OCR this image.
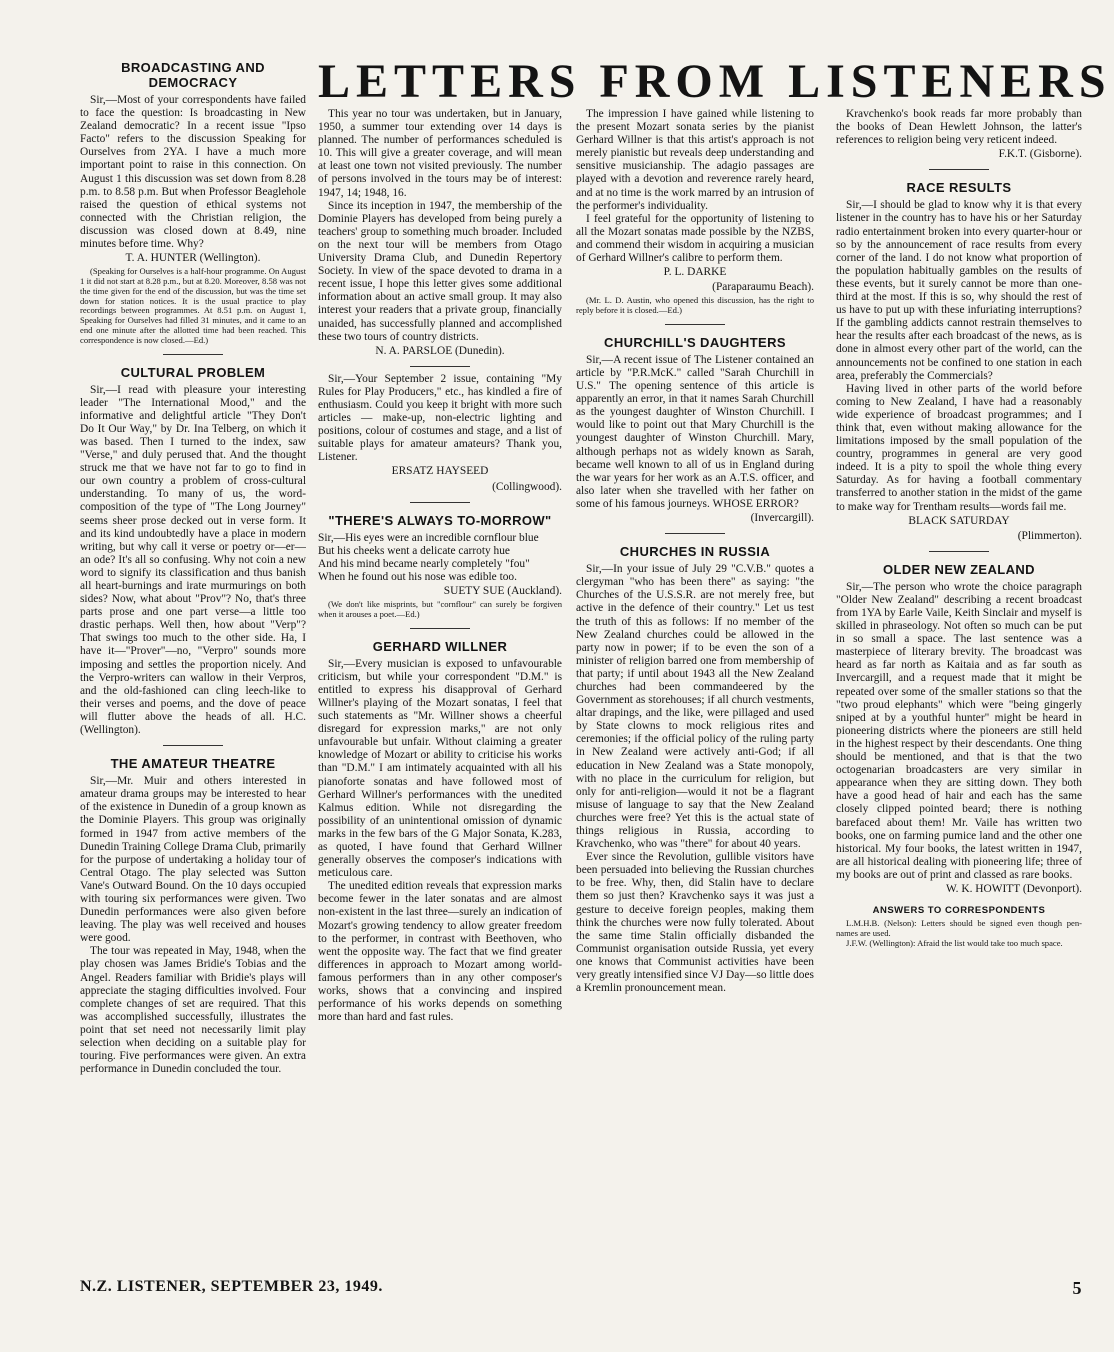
LETTERS FROM LISTENERS
BROADCASTING AND DEMOCRACY

Sir,—Most of your correspondents have failed to face the question: Is broadcasting in New Zealand democratic? In a recent issue "Ipso Facto" refers to the discussion Speaking for Ourselves from 2YA. I have a much more important point to raise in this connection. On August 1 this discussion was set down from 8.28 p.m. to 8.58 p.m. But when Professor Beaglehole raised the question of ethical systems not connected with the Christian religion, the discussion was closed down at 8.49, nine minutes before time. Why?

T. A. HUNTER (Wellington).

(Speaking for Ourselves is a half-hour programme. On August 1 it did not start at 8.28 p.m., but at 8.20. Moreover, 8.58 was not the time given for the end of the discussion, but was the time set down for station notices. It is the usual practice to play recordings between programmes. At 8.51 p.m. on August 1, Speaking for Ourselves had filled 31 minutes, and it came to an end one minute after the allotted time had been reached. This correspondence is now closed.—Ed.)

CULTURAL PROBLEM

Sir,—I read with pleasure your interesting leader "The International Mood," and the informative and delightful article "They Don't Do It Our Way," by Dr. Ina Telberg, on which it was based. Then I turned to the index, saw "Verse," and duly perused that. And the thought struck me that we have not far to go to find in our own country a problem of cross-cultural understanding. To many of us, the word-composition of the type of "The Long Journey" seems sheer prose decked out in verse form. It and its kind undoubtedly have a place in modern writing, but why call it verse or poetry or—er—an ode? It's all so confusing. Why not coin a new word to signify its classification and thus banish all heart-burnings and irate murmurings on both sides? Now, what about "Prov"? No, that's three parts prose and one part verse—a little too drastic perhaps. Well then, how about "Verp"? That swings too much to the other side. Ha, I have it—"Prover"—no, "Verpro" sounds more imposing and settles the proportion nicely. And the Verpro-writers can wallow in their Verpros, and the old-fashioned can cling leech-like to their verses and poems, and the dove of peace will flutter above the heads of all. H.C. (Wellington).

THE AMATEUR THEATRE

Sir,—Mr. Muir and others interested in amateur drama groups may be interested to hear of the existence in Dunedin of a group known as the Dominie Players. This group was originally formed in 1947 from active members of the Dunedin Training College Drama Club, primarily for the purpose of undertaking a holiday tour of Central Otago. The play selected was Sutton Vane's Outward Bound. On the 10 days occupied with touring six performances were given. Two Dunedin performances were also given before leaving. The play was well received and houses were good.

The tour was repeated in May, 1948, when the play chosen was James Bridie's Tobias and the Angel. Readers familiar with Bridie's plays will appreciate the staging difficulties involved. Four complete changes of set are required. That this was accomplished successfully, illustrates the point that set need not necessarily limit play selection when deciding on a suitable play for touring. Five performances were given. An extra performance in Dunedin concluded the tour.

This year no tour was undertaken, but in January, 1950, a summer tour extending over 14 days is planned. The number of performances scheduled is 10. This will give a greater coverage, and will mean at least one town not visited previously. The number of persons involved in the tours may be of interest: 1947, 14; 1948, 16.

Since its inception in 1947, the membership of the Dominie Players has developed from being purely a teachers' group to something much broader. Included on the next tour will be members from Otago University Drama Club, and Dunedin Repertory Society. In view of the space devoted to drama in a recent issue, I hope this letter gives some additional information about an active small group. It may also interest your readers that a private group, financially unaided, has successfully planned and accomplished these two tours of country districts.

N. A. PARSLOE (Dunedin).

Sir,—Your September 2 issue, containing "My Rules for Play Producers," etc., has kindled a fire of enthusiasm. Could you keep it bright with more such articles — make-up, non-electric lighting and positions, colour of costumes and stage, and a list of suitable plays for amateur amateurs? Thank you, Listener.

ERSATZ HAYSEED
(Collingwood).
"THERE'S ALWAYS TO-MORROW"

Sir,—His eyes were an incredible cornflour blue

But his cheeks went a delicate carroty hue

And his mind became nearly completely "fou"

When he found out his nose was edible too.

SUETY SUE (Auckland).

(We don't like misprints, but "cornflour" can surely be forgiven when it arouses a poet.—Ed.)

GERHARD WILLNER

Sir,—Every musician is exposed to unfavourable criticism, but while your correspondent "D.M." is entitled to express his disapproval of Gerhard Willner's playing of the Mozart sonatas, I feel that such statements as "Mr. Willner shows a cheerful disregard for expression marks," are not only unfavourable but unfair. Without claiming a greater knowledge of Mozart or ability to criticise his works than "D.M." I am intimately acquainted with all his pianoforte sonatas and have followed most of Gerhard Willner's performances with the unedited Kalmus edition. While not disregarding the possibility of an unintentional omission of dynamic marks in the few bars of the G Major Sonata, K.283, as quoted, I have found that Gerhard Willner generally observes the composer's indications with meticulous care.

The unedited edition reveals that expression marks become fewer in the later sonatas and are almost non-existent in the last three—surely an indication of Mozart's growing tendency to allow greater freedom to the performer, in contrast with Beethoven, who went the opposite way. The fact that we find greater differences in approach to Mozart among world-famous performers than in any other composer's works, shows that a convincing and inspired performance of his works depends on something more than hard and fast rules.

The impression I have gained while listening to the present Mozart sonata series by the pianist Gerhard Willner is that this artist's approach is not merely pianistic but reveals deep understanding and sensitive musicianship. The adagio passages are played with a devotion and reverence rarely heard, and at no time is the work marred by an intrusion of the performer's individuality.

I feel grateful for the opportunity of listening to all the Mozart sonatas made possible by the NZBS, and commend their wisdom in acquiring a musician of Gerhard Willner's calibre to perform them.

P. L. DARKE
(Paraparaumu Beach).

(Mr. L. D. Austin, who opened this discussion, has the right to reply before it is closed.—Ed.)

CHURCHILL'S DAUGHTERS

Sir,—A recent issue of The Listener contained an article by "P.R.McK." called "Sarah Churchill in U.S." The opening sentence of this article is apparently an error, in that it names Sarah Churchill as the youngest daughter of Winston Churchill. I would like to point out that Mary Churchill is the youngest daughter of Winston Churchill. Mary, although perhaps not as widely known as Sarah, became well known to all of us in England during the war years for her work as an A.T.S. officer, and also later when she travelled with her father on some of his famous journeys. WHOSE ERROR?

(Invercargill).
CHURCHES IN RUSSIA

Sir,—In your issue of July 29 "C.V.B." quotes a clergyman "who has been there" as saying: "the Churches of the U.S.S.R. are not merely free, but active in the defence of their country." Let us test the truth of this as follows: If no member of the New Zealand churches could be allowed in the party now in power; if to be even the son of a minister of religion barred one from membership of that party; if until about 1943 all the New Zealand churches had been commandeered by the Government as storehouses; if all church vestments, altar drapings, and the like, were pillaged and used by State clowns to mock religious rites and ceremonies; if the official policy of the ruling party in New Zealand were actively anti-God; if all education in New Zealand was a State monopoly, with no place in the curriculum for religion, but only for anti-religion—would it not be a flagrant misuse of language to say that the New Zealand churches were free? Yet this is the actual state of things religious in Russia, according to Kravchenko, who was "there" for about 40 years.

Ever since the Revolution, gullible visitors have been persuaded into believing the Russian churches to be free. Why, then, did Stalin have to declare them so just then? Kravchenko says it was just a gesture to deceive foreign peoples, making them think the churches were now fully tolerated. About the same time Stalin officially disbanded the Communist organisation outside Russia, yet every one knows that Communist activities have been very greatly intensified since VJ Day—so little does a Kremlin pronouncement mean.

Kravchenko's book reads far more probably than the books of Dean Hewlett Johnson, the latter's references to religion being very reticent indeed.

F.K.T. (Gisborne).
RACE RESULTS

Sir,—I should be glad to know why it is that every listener in the country has to have his or her Saturday radio entertainment broken into every quarter-hour or so by the announcement of race results from every corner of the land. I do not know what proportion of the population habitually gambles on the results of these events, but it surely cannot be more than one-third at the most. If this is so, why should the rest of us have to put up with these infuriating interruptions? If the gambling addicts cannot restrain themselves to hear the results after each broadcast of the news, as is done in almost every other part of the world, can the announcements not be confined to one station in each area, preferably the Commercials?

Having lived in other parts of the world before coming to New Zealand, I have had a reasonably wide experience of broadcast programmes; and I think that, even without making allowance for the limitations imposed by the small population of the country, programmes in general are very good indeed. It is a pity to spoil the whole thing every Saturday. As for having a football commentary transferred to another station in the midst of the game to make way for Trentham results—words fail me.

BLACK SATURDAY
(Plimmerton).
OLDER NEW ZEALAND

Sir,—The person who wrote the choice paragraph "Older New Zealand" describing a recent broadcast from 1YA by Earle Vaile, Keith Sinclair and myself is skilled in phraseology. Not often so much can be put in so small a space. The last sentence was a masterpiece of literary brevity. The broadcast was heard as far north as Kaitaia and as far south as Invercargill, and a request made that it might be repeated over some of the smaller stations so that the "two proud elephants" which were "being gingerly sniped at by a youthful hunter" might be heard in pioneering districts where the pioneers are still held in the highest respect by their descendants. One thing should be mentioned, and that is that the two octogenarian broadcasters are very similar in appearance when they are sitting down. They both have a good head of hair and each has the same closely clipped pointed beard; there is nothing barefaced about them! Mr. Vaile has written two books, one on farming pumice land and the other one historical. My four books, the latest written in 1947, are all historical dealing with pioneering life; three of my books are out of print and classed as rare books.

W. K. HOWITT (Devonport).
ANSWERS TO CORRESPONDENTS

L.M.H.B. (Nelson): Letters should be signed even though pen-names are used.

J.F.W. (Wellington): Afraid the list would take too much space.

N.Z. LISTENER, SEPTEMBER 23, 1949.	5
